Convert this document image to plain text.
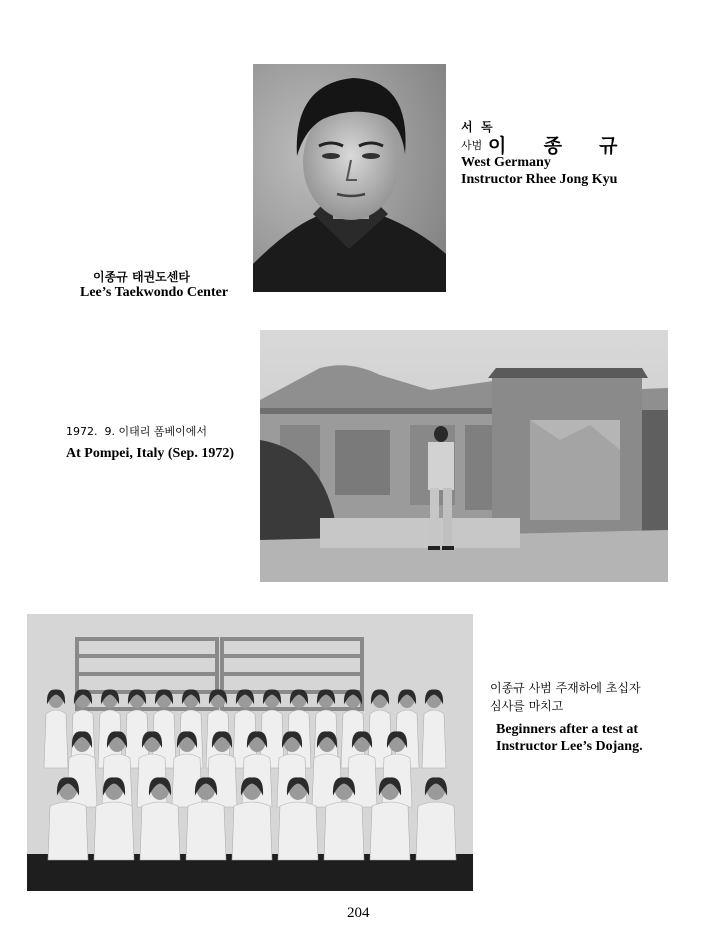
서  독
사범 이  종  규
West Germany
Instructor Rhee Jong Kyu
이종규 태권도센타
Lee’s Taekwondo Center
1972.  9. 이태리 폼베이에서
At Pompei, Italy (Sep. 1972)
이종규 사범 주재하에 초십자
심사를 마치고
Beginners after a test at
Instructor Lee’s Dojang.
204
